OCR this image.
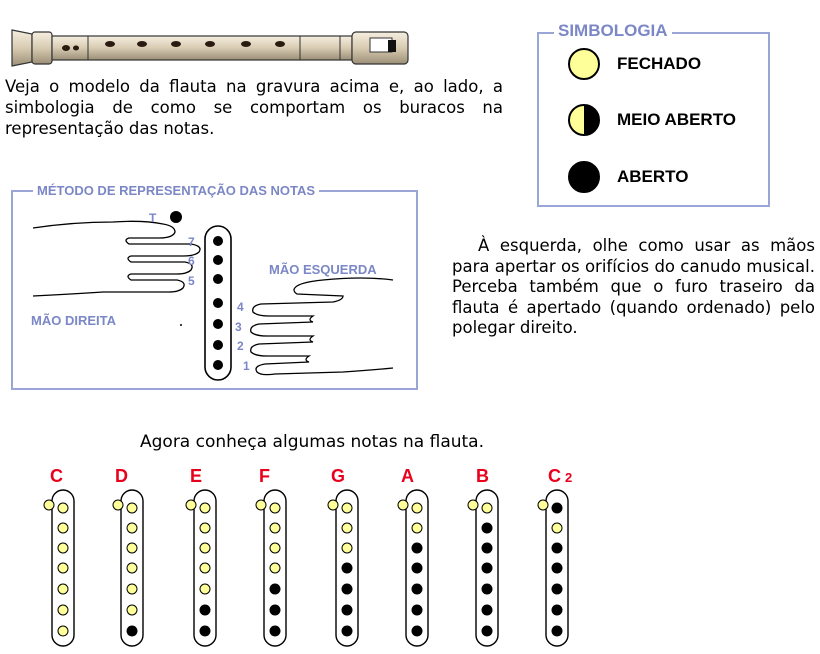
Veja o modelo da flauta na gravura acima e, ao lado, a simbologia de como se comportam os buracos na representação das notas.

SIMBOLOGIA
FECHADO
MEIO ABERTO
ABERTO
MÉTODO DE REPRESENTAÇÃO DAS NOTAS
T
7
6
5
4
3
2
1
MÃO DIREITA
MÃO ESQUERDA

À esquerda, olhe como usar as mãos para apertar os orifícios do canudo musical. Perceba também que o furo traseiro da flauta é apertado (quando ordenado) pelo polegar direito.

Agora conheça algumas notas na flauta.

C	D	E	F	G	A	B	C 2
